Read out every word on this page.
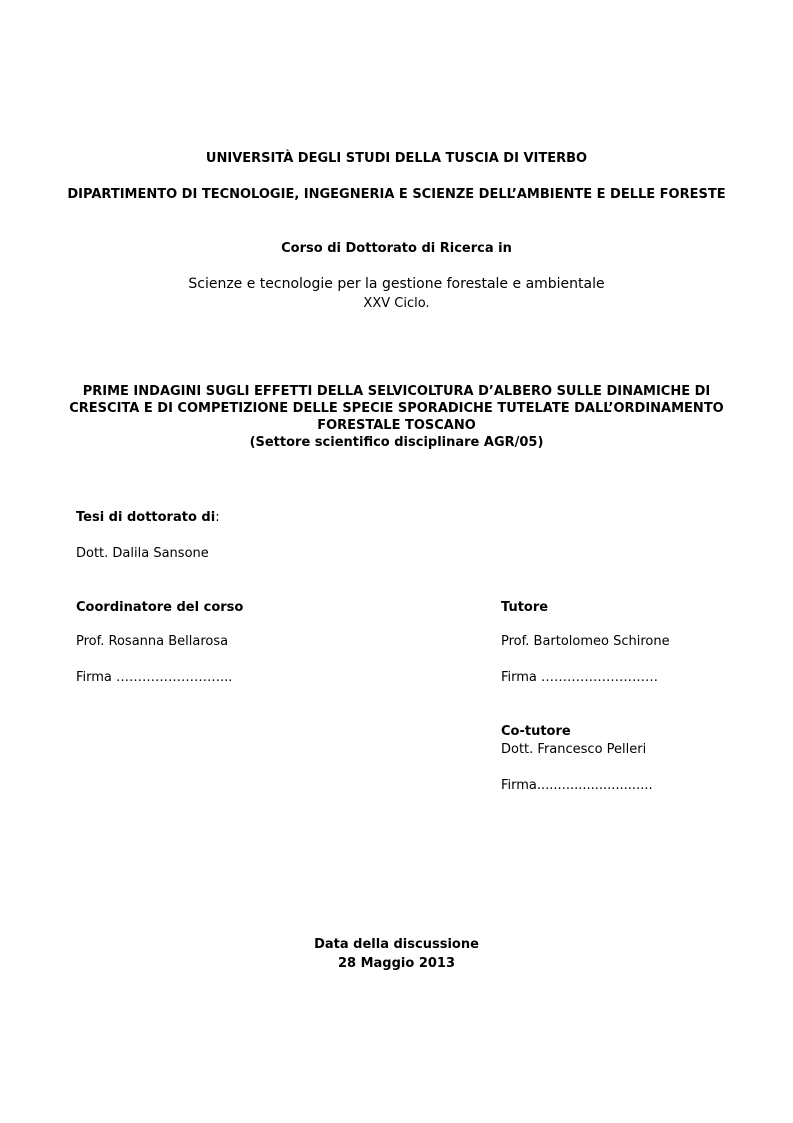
UNIVERSITÀ DEGLI STUDI DELLA TUSCIA DI VITERBO
DIPARTIMENTO DI TECNOLOGIE, INGEGNERIA E SCIENZE DELL’AMBIENTE E DELLE FORESTE
Corso di Dottorato di Ricerca in
Scienze e tecnologie per la gestione forestale e ambientale
XXV Ciclo.
PRIME INDAGINI SUGLI EFFETTI DELLA SELVICOLTURA D’ALBERO SULLE DINAMICHE DI
CRESCITA E DI COMPETIZIONE DELLE SPECIE SPORADICHE TUTELATE DALL’ORDINAMENTO
FORESTALE TOSCANO
(Settore scientifico disciplinare AGR/05)
Tesi di dottorato di:
Dott. Dalila Sansone
Coordinatore del corso
Prof. Rosanna Bellarosa
Firma ……………………...
Tutore
Prof. Bartolomeo Schirone
Firma ………………………
Co-tutore
Dott. Francesco Pelleri
Firma............................
Data della discussione
28 Maggio 2013
